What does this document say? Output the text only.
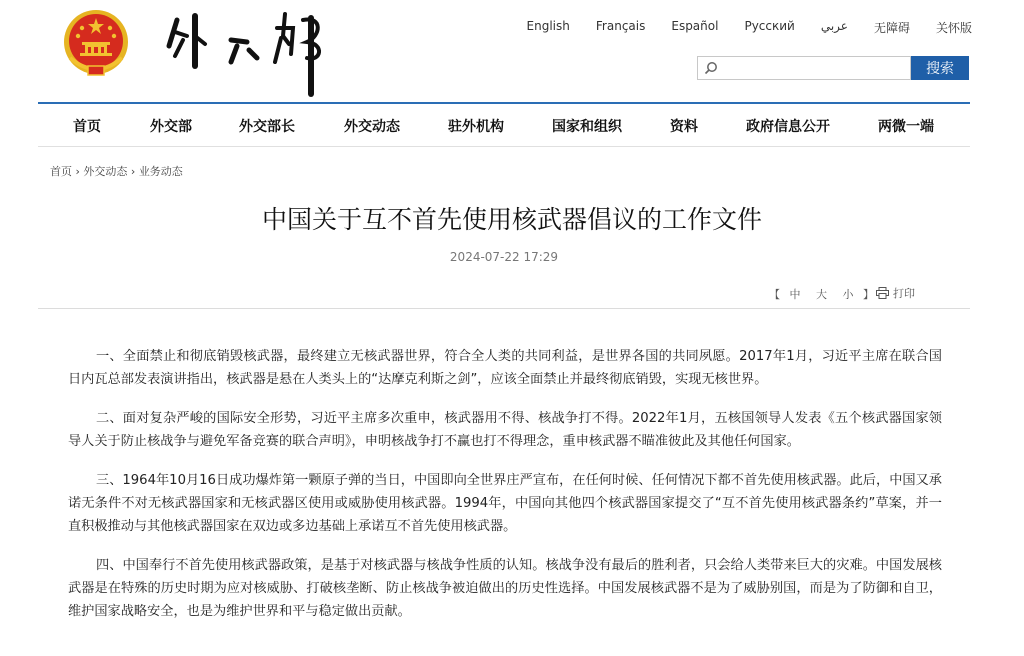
English Français Español Русский عربي 无障碍 关怀版
搜索
首页	外交部	外交部长	外交动态	驻外机构	国家和组织	资料	政府信息公开	两微一端
首页 › 外交动态 › 业务动态
中国关于互不首先使用核武器倡议的工作文件
2024-07-22 17:29
【 中 大 小 】	打印

一、全面禁止和彻底销毁核武器，最终建立无核武器世界，符合全人类的共同利益，是世界各国的共同夙愿。2017年1月，习近平主席在联合国日内瓦总部发表演讲指出，核武器是悬在人类头上的“达摩克利斯之剑”，应该全面禁止并最终彻底销毁，实现无核世界。

二、面对复杂严峻的国际安全形势，习近平主席多次重申，核武器用不得、核战争打不得。2022年1月，五核国领导人发表《五个核武器国家领导人关于防止核战争与避免军备竞赛的联合声明》，申明核战争打不赢也打不得理念，重申核武器不瞄准彼此及其他任何国家。

三、1964年10月16日成功爆炸第一颗原子弹的当日，中国即向全世界庄严宣布，在任何时候、任何情况下都不首先使用核武器。此后，中国又承诺无条件不对无核武器国家和无核武器区使用或威胁使用核武器。1994年，中国向其他四个核武器国家提交了“互不首先使用核武器条约”草案，并一直积极推动与其他核武器国家在双边或多边基础上承诺互不首先使用核武器。

四、中国奉行不首先使用核武器政策，是基于对核武器与核战争性质的认知。核战争没有最后的胜利者，只会给人类带来巨大的灾难。中国发展核武器是在特殊的历史时期为应对核威胁、打破核垄断、防止核战争被迫做出的历史性选择。中国发展核武器不是为了威胁别国，而是为了防御和自卫，维护国家战略安全，也是为维护世界和平与稳定做出贡献。
